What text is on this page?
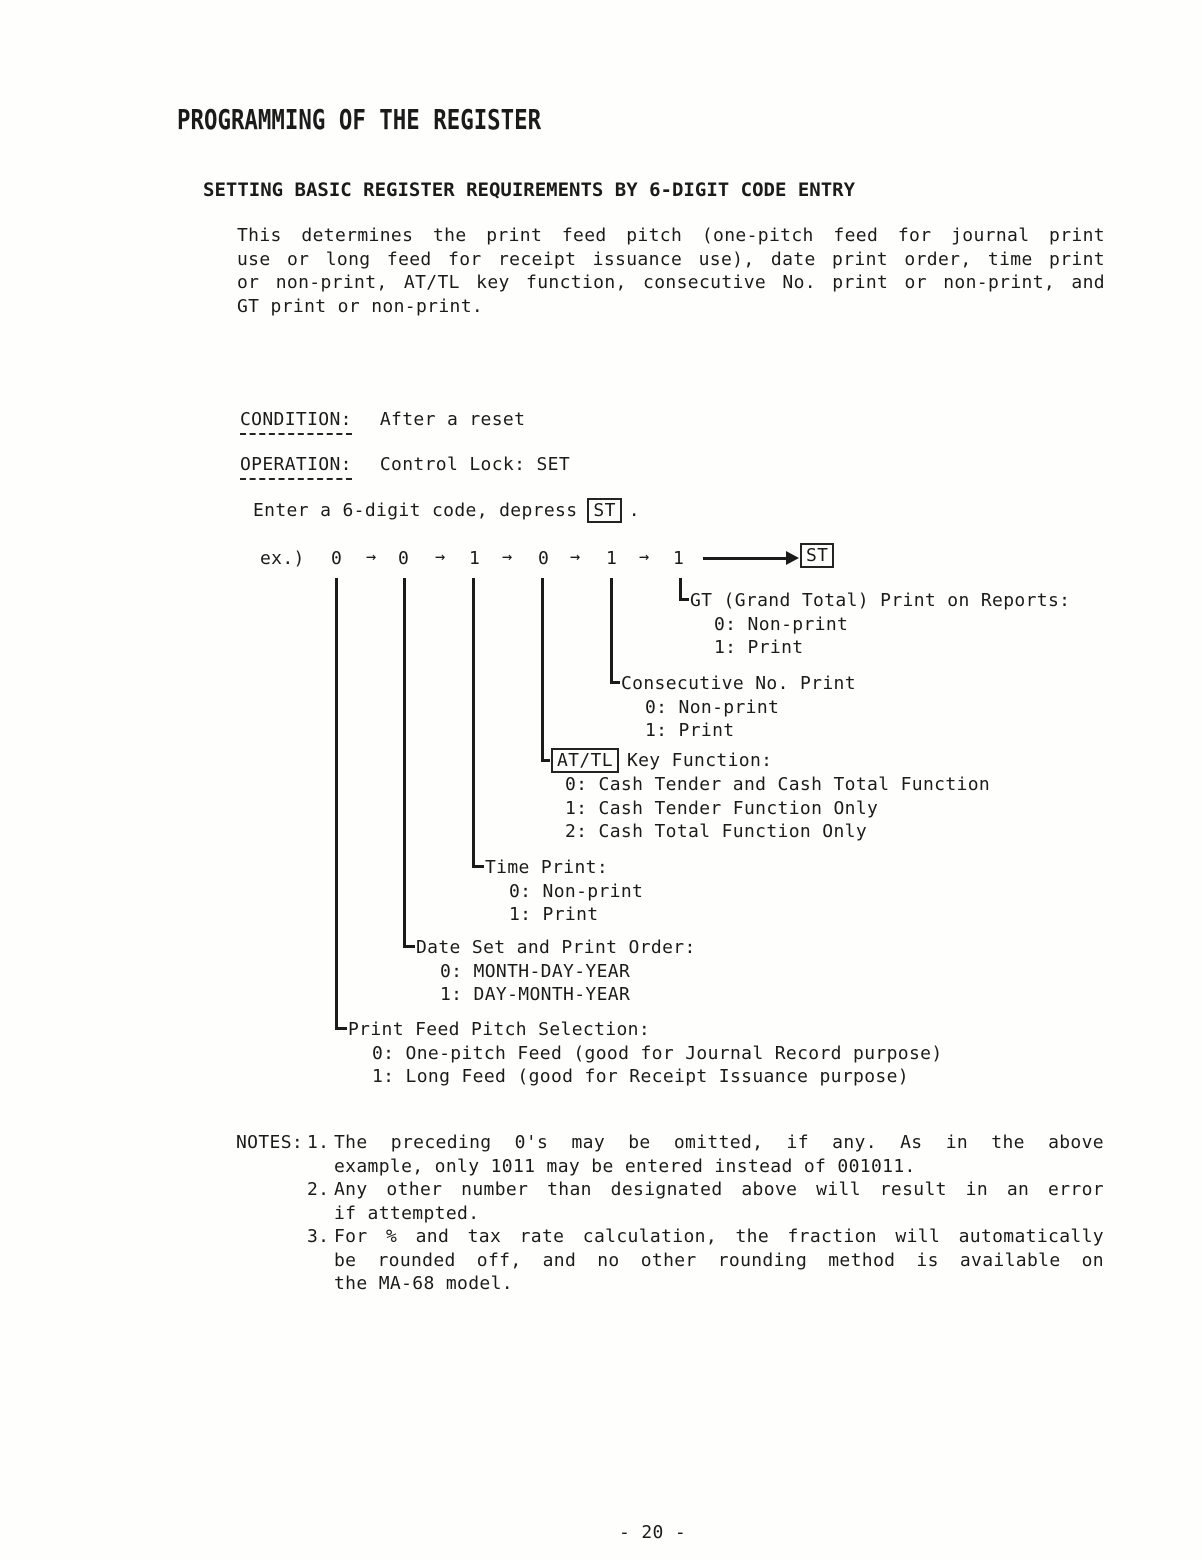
PROGRAMMING OF THE REGISTER
SETTING BASIC REGISTER REQUIREMENTS BY 6-DIGIT CODE ENTRY
This determines the print feed pitch (one-pitch feed for journal print
use or long feed for receipt issuance use), date print order, time print
or non-print, AT/TL key function, consecutive No. print or non-print, and
GT print or non-print.
CONDITION: After a reset
OPERATION: Control Lock: SET
Enter a 6-digit code, depress ST .
ex.) 0 → 0 → 1 → 0 → 1 → 1	ST
GT (Grand Total) Print on Reports:
0: Non-print
1: Print
Consecutive No. Print
0: Non-print
1: Print
AT/TL Key Function:
0: Cash Tender and Cash Total Function
1: Cash Tender Function Only
2: Cash Total Function Only
Time Print:
0: Non-print
1: Print
Date Set and Print Order:
0: MONTH-DAY-YEAR
1: DAY-MONTH-YEAR
Print Feed Pitch Selection:
0: One-pitch Feed (good for Journal Record purpose)
1: Long Feed (good for Receipt Issuance purpose)
NOTES: 1. The preceding 0's may be omitted, if any. As in the above
example, only 1011 may be entered instead of 001011.
2. Any other number than designated above will result in an error
if attempted.
3. For % and tax rate calculation, the fraction will automatically
be rounded off, and no other rounding method is available on
the MA-68 model.
- 20 -
